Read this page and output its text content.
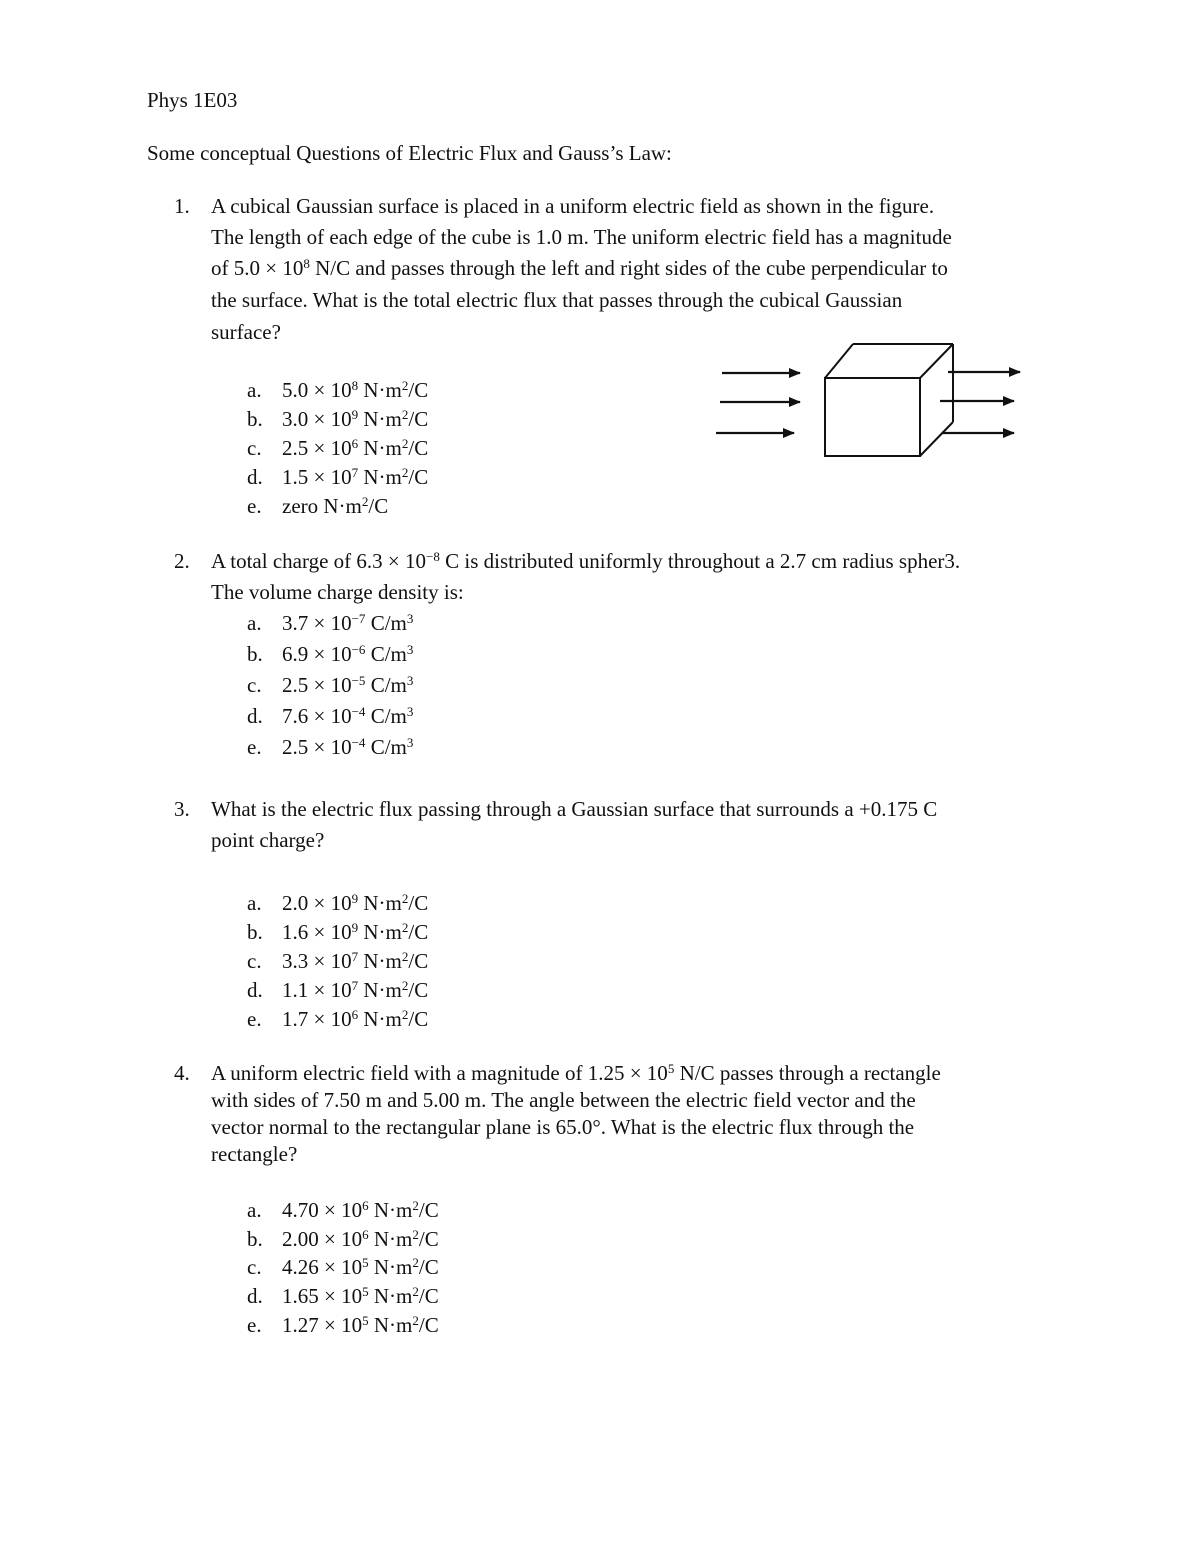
Phys 1E03
Some conceptual Questions of Electric Flux and Gauss’s Law:
1. A cubical Gaussian surface is placed in a uniform electric field as shown in the figure.
The length of each edge of the cube is 1.0 m. The uniform electric field has a magnitude
of $5.0 \times 10^8$ N/C and passes through the left and right sides of the cube perpendicular to
the surface. What is the total electric flux that passes through the cubical Gaussian
surface?
a. $5.0 \times 10^8$ $N\cdot m^2/C$
b. $3.0 \times 10^9$ $N\cdot m^2/C$
c. $2.5 \times 10^6$ $N\cdot m^2/C$
d. $1.5 \times 10^7$ $N\cdot m^2/C$
e. zero $N\cdot m^2/C$
2. A total charge of $6.3 \times 10^{-8}$ C is distributed uniformly throughout a 2.7 cm radius spher3.
The volume charge density is:
a. $3.7 \times 10^{-7}$ $C/m^3$
b. $6.9 \times 10^{-6}$ $C/m^3$
c. $2.5 \times 10^{-5}$ $C/m^3$
d. $7.6 \times 10^{-4}$ $C/m^3$
e. $2.5 \times 10^{-4}$ $C/m^3$
3. What is the electric flux passing through a Gaussian surface that surrounds a +0.175 C
point charge?
a. $2.0 \times 10^9$ $N\cdot m^2/C$
b. $1.6 \times 10^9$ $N\cdot m^2/C$
c. $3.3 \times 10^7$ $N\cdot m^2/C$
d. $1.1 \times 10^7$ $N\cdot m^2/C$
e. $1.7 \times 10^6$ $N\cdot m^2/C$
4. A uniform electric field with a magnitude of $1.25 \times 10^5$ N/C passes through a rectangle
with sides of 7.50 m and 5.00 m. The angle between the electric field vector and the
vector normal to the rectangular plane is 65.0°. What is the electric flux through the
rectangle?
a. $4.70 \times 10^6$ $N\cdot m^2/C$
b. $2.00 \times 10^6$ $N\cdot m^2/C$
c. $4.26 \times 10^5$ $N\cdot m^2/C$
d. $1.65 \times 10^5$ $N\cdot m^2/C$
e. $1.27 \times 10^5$ $N\cdot m^2/C$
